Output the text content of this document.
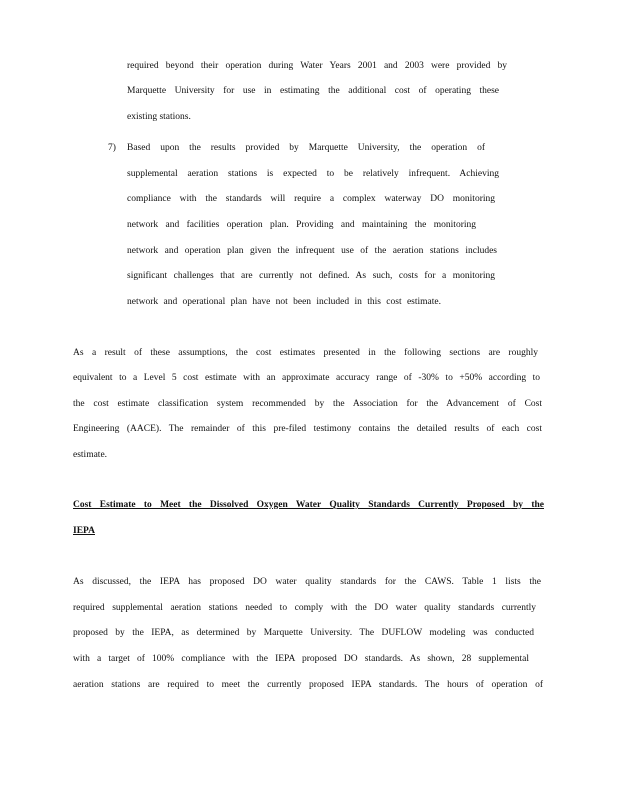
required beyond their operation during Water Years 2001 and 2003 were provided by
Marquette University for use in estimating the additional cost of operating these
existing stations.
7) Based upon the results provided by Marquette University, the operation of
supplemental aeration stations is expected to be relatively infrequent. Achieving
compliance with the standards will require a complex waterway DO monitoring
network and facilities operation plan. Providing and maintaining the monitoring
network and operation plan given the infrequent use of the aeration stations includes
significant challenges that are currently not defined. As such, costs for a monitoring
network and operational plan have not been included in this cost estimate.
As a result of these assumptions, the cost estimates presented in the following sections are roughly
equivalent to a Level 5 cost estimate with an approximate accuracy range of -30% to +50% according to
the cost estimate classification system recommended by the Association for the Advancement of Cost
Engineering (AACE). The remainder of this pre-filed testimony contains the detailed results of each cost
estimate.
Cost Estimate to Meet the Dissolved Oxygen Water Quality Standards Currently Proposed by the
IEPA
As discussed, the IEPA has proposed DO water quality standards for the CAWS. Table 1 lists the
required supplemental aeration stations needed to comply with the DO water quality standards currently
proposed by the IEPA, as determined by Marquette University. The DUFLOW modeling was conducted
with a target of 100% compliance with the IEPA proposed DO standards. As shown, 28 supplemental
aeration stations are required to meet the currently proposed IEPA standards. The hours of operation of
